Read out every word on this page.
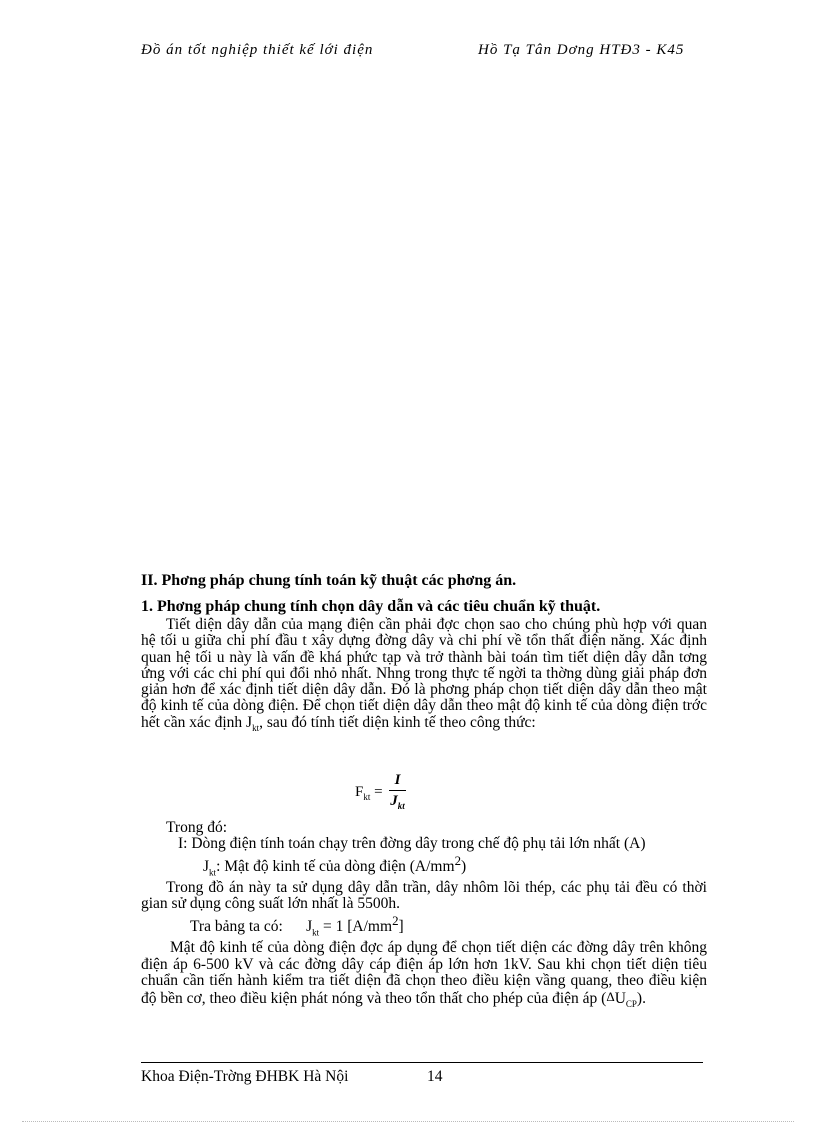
Đồ án tốt nghiệp thiết kế lới điện	Hồ Tạ Tân Dơng HTĐ3 - K45
II. Phơng pháp chung tính toán kỹ thuật các phơng án.
1. Phơng pháp chung tính chọn dây dẫn và các tiêu chuẩn kỹ thuật.

Tiết diện dây dẫn của mạng điện cần phải đợc chọn sao cho chúng phù hợp với quan hệ tối u giữa chi phí đầu t xây dựng đờng dây và chi phí về tổn thất điện năng. Xác định quan hệ tối u này là vấn đề khá phức tạp và trở thành bài toán tìm tiết diện dây dẫn tơng ứng với các chi phí qui đổi nhỏ nhất. Nhng trong thực tế ngời ta thờng dùng giải pháp đơn giản hơn để xác định tiết diện dây dẫn. Đó là phơng pháp chọn tiết diện dây dẫn theo mật độ kinh tế của dòng điện. Để chọn tiết diện dây dẫn theo mật độ kinh tế của dòng điện trớc hết cần xác định $J_{kt}$, sau đó tính tiết diện kinh tế theo công thức:

$F_{kt} = \frac{I}{J_{kt}}$

Trong đó:

I: Dòng điện tính toán chạy trên đờng dây trong chế độ phụ tải lớn nhất (A)

$J_{kt}$: Mật độ kinh tế của dòng điện $(A/mm^2)$

Trong đồ án này ta sử dụng dây dẫn trần, dây nhôm lõi thép, các phụ tải đều có thời gian sử dụng công suất lớn nhất là 5500h.

Tra bảng ta có: $J_{kt} = 1$ $[A/mm^2]$

Mật độ kinh tế của dòng điện đợc áp dụng để chọn tiết diện các đờng dây trên không điện áp 6-500 kV và các đờng dây cáp điện áp lớn hơn 1kV. Sau khi chọn tiết diện tiêu chuẩn cần tiến hành kiểm tra tiết diện đã chọn theo điều kiện vầng quang, theo điều kiện độ bền cơ, theo điều kiện phát nóng và theo tổn thất cho phép của điện áp $(\Delta U_{CP})$.

Khoa Điện-Trờng ĐHBK Hà Nội	14
